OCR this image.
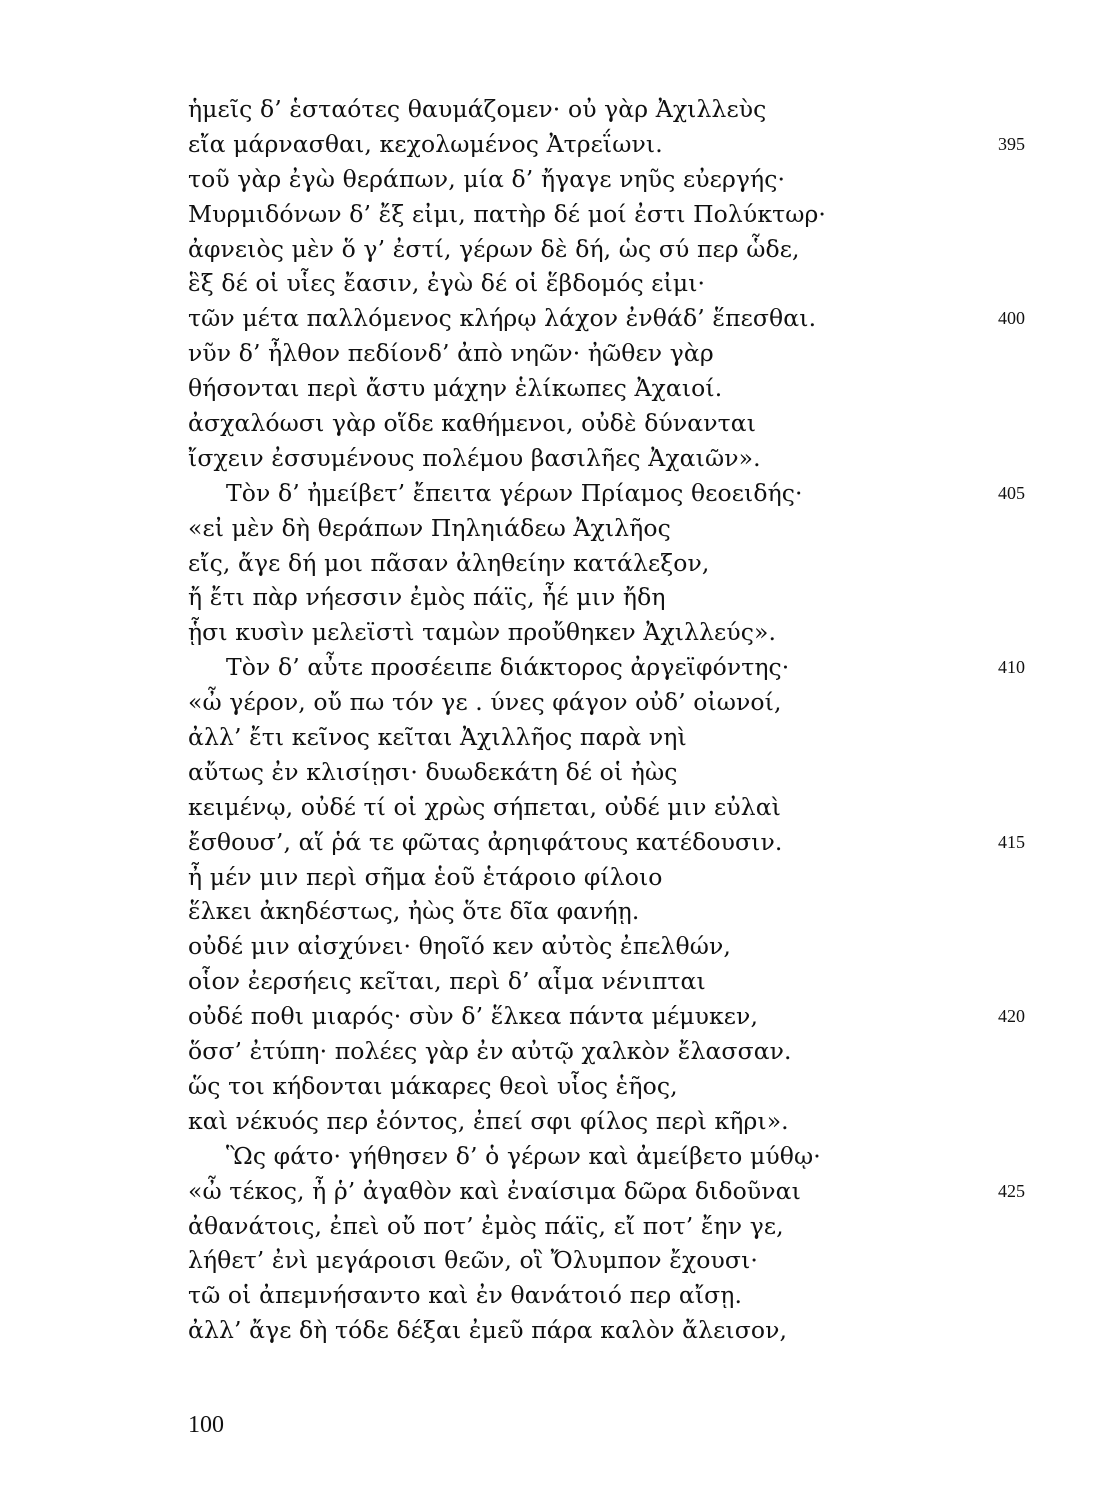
ἡμεῖς δ’ ἑσταότες θαυμάζομεν· οὐ γὰρ Ἀχιλλεὺς
εἴα μάρνασθαι, κεχολωμένος Ἀτρεΐωνι.	395
τοῦ γὰρ ἐγὼ θεράπων, μία δ’ ἤγαγε νηῦς εὐεργής·
Μυρμιδόνων δ’ ἔξ εἰμι, πατὴρ δέ μοί ἐστι Πολύκτωρ·
ἀφνειὸς μὲν ὅ γ’ ἐστί, γέρων δὲ δή, ὡς σύ περ ὧδε,
ἓξ δέ οἱ υἷες ἔασιν, ἐγὼ δέ οἱ ἕβδομός εἰμι·
τῶν μέτα παλλόμενος κλήρῳ λάχον ἐνθάδ’ ἕπεσθαι.	400
νῦν δ’ ἦλθον πεδίονδ’ ἀπὸ νηῶν· ἠῶθεν γὰρ
θήσονται περὶ ἄστυ μάχην ἑλίκωπες Ἀχαιοί.
ἀσχαλόωσι γὰρ οἵδε καθήμενοι, οὐδὲ δύνανται
ἴσχειν ἐσσυμένους πολέμου βασιλῆες Ἀχαιῶν».
Τὸν δ’ ἠμείβετ’ ἔπειτα γέρων Πρίαμος θεοειδής·	405
«εἰ μὲν δὴ θεράπων Πηληιάδεω Ἀχιλῆος
εἴς, ἄγε δή μοι πᾶσαν ἀληθείην κατάλεξον,
ἤ ἔτι πὰρ νήεσσιν ἐμὸς πάϊς, ἦέ μιν ἤδη
ᾗσι κυσὶν μελεϊστὶ ταμὼν προὔθηκεν Ἀχιλλεύς».
Τὸν δ’ αὖτε προσέειπε διάκτορος ἀργεϊφόντης·	410
«ὦ γέρον, οὔ πω τόν γε . ύνες φάγον οὐδ’ οἰωνοί,
ἀλλ’ ἔτι κεῖνος κεῖται Ἀχιλλῆος παρὰ νηὶ
αὔτως ἐν κλισίῃσι· δυωδεκάτη δέ οἱ ἠὼς
κειμένῳ, οὐδέ τί οἱ χρὼς σήπεται, οὐδέ μιν εὐλαὶ
ἔσθουσ’, αἵ ῥά τε φῶτας ἀρηιφάτους κατέδουσιν.	415
ἦ μέν μιν περὶ σῆμα ἑοῦ ἑτάροιο φίλοιο
ἕλκει ἀκηδέστως, ἠὼς ὅτε δῖα φανήῃ.
οὐδέ μιν αἰσχύνει· θηοῖό κεν αὐτὸς ἐπελθών,
οἷον ἐερσήεις κεῖται, περὶ δ’ αἷμα νένιπται
οὐδέ ποθι μιαρός· σὺν δ’ ἕλκεα πάντα μέμυκεν,	420
ὅσσ’ ἐτύπη· πολέες γὰρ ἐν αὐτῷ χαλκὸν ἔλασσαν.
ὥς τοι κήδονται μάκαρες θεοὶ υἷος ἑῆος,
καὶ νέκυός περ ἐόντος, ἐπεί σφι φίλος περὶ κῆρι».
Ὣς φάτο· γήθησεν δ’ ὁ γέρων καὶ ἀμείβετο μύθῳ·
«ὦ τέκος, ἦ ῥ’ ἀγαθὸν καὶ ἐναίσιμα δῶρα διδοῦναι	425
ἀθανάτοις, ἐπεὶ οὔ ποτ’ ἐμὸς πάϊς, εἴ ποτ’ ἔην γε,
λήθετ’ ἐνὶ μεγάροισι θεῶν, οἳ Ὄλυμπον ἔχουσι·
τῶ οἱ ἀπεμνήσαντο καὶ ἐν θανάτοιό περ αἴσῃ.
ἀλλ’ ἄγε δὴ τόδε δέξαι ἐμεῦ πάρα καλὸν ἄλεισον,
100
